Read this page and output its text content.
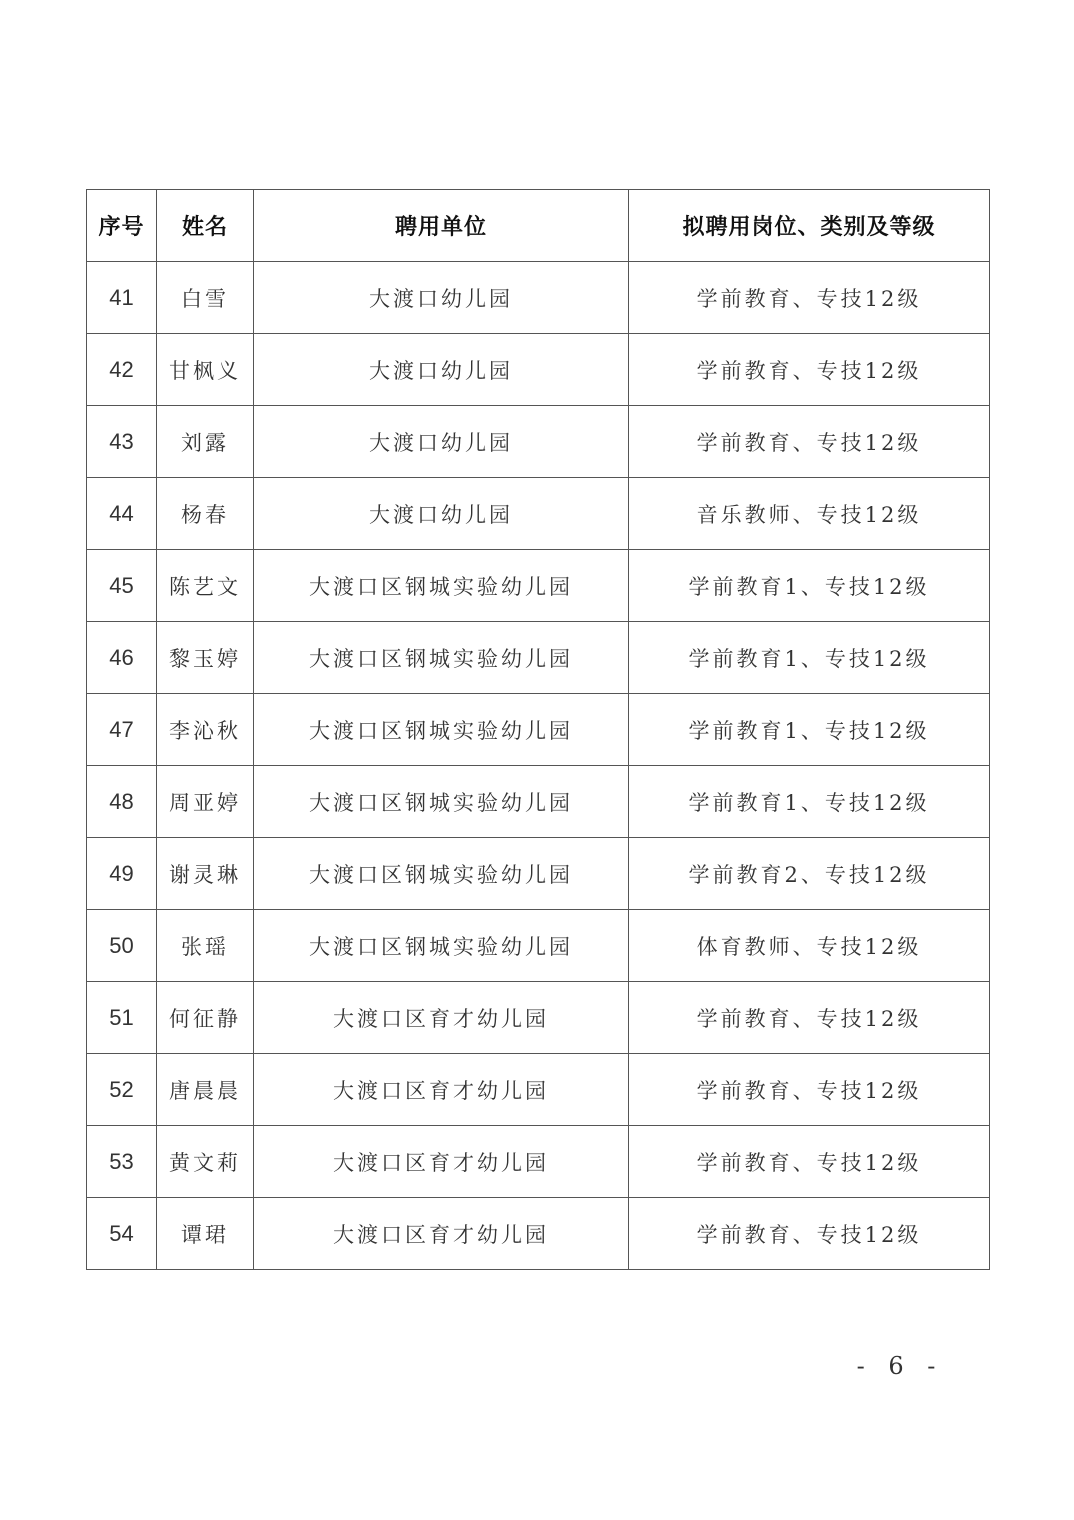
序号	姓名	聘用单位	拟聘用岗位、类别及等级
41	白雪	大渡口幼儿园	学前教育、专技12级
42	甘枫义	大渡口幼儿园	学前教育、专技12级
43	刘露	大渡口幼儿园	学前教育、专技12级
44	杨春	大渡口幼儿园	音乐教师、专技12级
45	陈艺文	大渡口区钢城实验幼儿园	学前教育1、专技12级
46	黎玉婷	大渡口区钢城实验幼儿园	学前教育1、专技12级
47	李沁秋	大渡口区钢城实验幼儿园	学前教育1、专技12级
48	周亚婷	大渡口区钢城实验幼儿园	学前教育1、专技12级
49	谢灵琳	大渡口区钢城实验幼儿园	学前教育2、专技12级
50	张瑶	大渡口区钢城实验幼儿园	体育教师、专技12级
51	何征静	大渡口区育才幼儿园	学前教育、专技12级
52	唐晨晨	大渡口区育才幼儿园	学前教育、专技12级
53	黄文莉	大渡口区育才幼儿园	学前教育、专技12级
54	谭珺	大渡口区育才幼儿园	学前教育、专技12级
- 6 -
